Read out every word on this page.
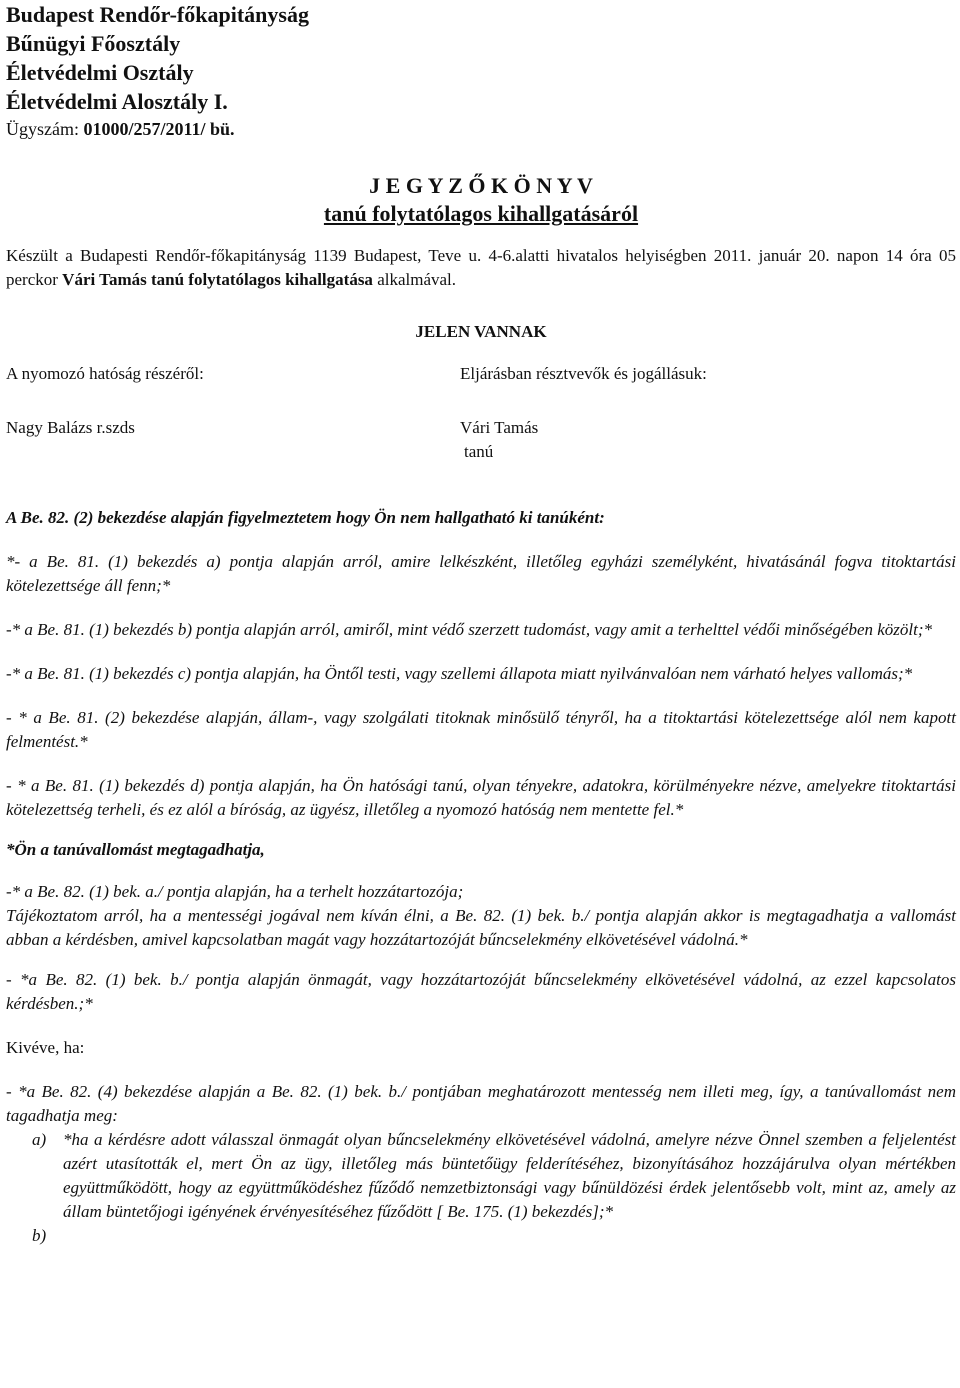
Budapest Rendőr-főkapitányság
Bűnügyi Főosztály
Életvédelmi Osztály
Életvédelmi Alosztály I.
Ügyszám: 01000/257/2011/ bü.
J E G Y Z Ő K Ö N Y V
tanú folytatólagos kihallgatásáról

Készült a Budapesti Rendőr-főkapitányság 1139 Budapest, Teve u. 4-6.alatti hivatalos helyiségben 2011. január 20. napon 14 óra 05 perckor Vári Tamás tanú folytatólagos kihallgatása alkalmával.

JELEN VANNAK
A nyomozó hatóság részéről:
Nagy Balázs r.szds
Eljárásban résztvevők és jogállásuk:
Vári Tamás
tanú

A Be. 82. (2) bekezdése alapján figyelmeztetem hogy Ön nem hallgatható ki tanúként:

*- a Be. 81. (1) bekezdés a) pontja alapján arról, amire lelkészként, illetőleg egyházi személyként, hivatásánál fogva titoktartási kötelezettsége áll fenn;*

-* a Be. 81. (1) bekezdés b) pontja alapján arról, amiről, mint védő szerzett tudomást, vagy amit a terhelttel védői minőségében közölt;*

-* a Be. 81. (1) bekezdés c) pontja alapján, ha Öntől testi, vagy szellemi állapota miatt nyilvánvalóan nem várható helyes vallomás;*

- * a Be. 81. (2) bekezdése alapján, állam-, vagy szolgálati titoknak minősülő tényről, ha a titoktartási kötelezettsége alól nem kapott felmentést.*

- * a Be. 81. (1) bekezdés d) pontja alapján, ha Ön hatósági tanú, olyan tényekre, adatokra, körülményekre nézve, amelyekre titoktartási kötelezettség terheli, és ez alól a bíróság, az ügyész, illetőleg a nyomozó hatóság nem mentette fel.*

*Ön a tanúvallomást megtagadhatja,

-* a Be. 82. (1) bek. a./ pontja alapján, ha a terhelt hozzátartozója;

Tájékoztatom arról, ha a mentességi jogával nem kíván élni, a Be. 82. (1) bek. b./ pontja alapján akkor is megtagadhatja a vallomást abban a kérdésben, amivel kapcsolatban magát vagy hozzátartozóját bűncselekmény elkövetésével vádolná.*

- *a Be. 82. (1) bek. b./ pontja alapján önmagát, vagy hozzátartozóját bűncselekmény elkövetésével vádolná, az ezzel kapcsolatos kérdésben.;*

Kivéve, ha:

- *a Be. 82. (4) bekezdése alapján a Be. 82. (1) bek. b./ pontjában meghatározott mentesség nem illeti meg, így, a tanúvallomást nem tagadhatja meg:

a) *ha a kérdésre adott válasszal önmagát olyan bűncselekmény elkövetésével vádolná, amelyre nézve Önnel szemben a feljelentést azért utasították el, mert Ön az ügy, illetőleg más büntetőügy felderítéséhez, bizonyításához hozzájárulva olyan mértékben együttműködött, hogy az együttműködéshez fűződő nemzetbiztonsági vagy bűnüldözési érdek jelentősebb volt, mint az, amely az állam büntetőjogi igényének érvényesítéséhez fűződött [ Be. 175. (1) bekezdés];*
b)
